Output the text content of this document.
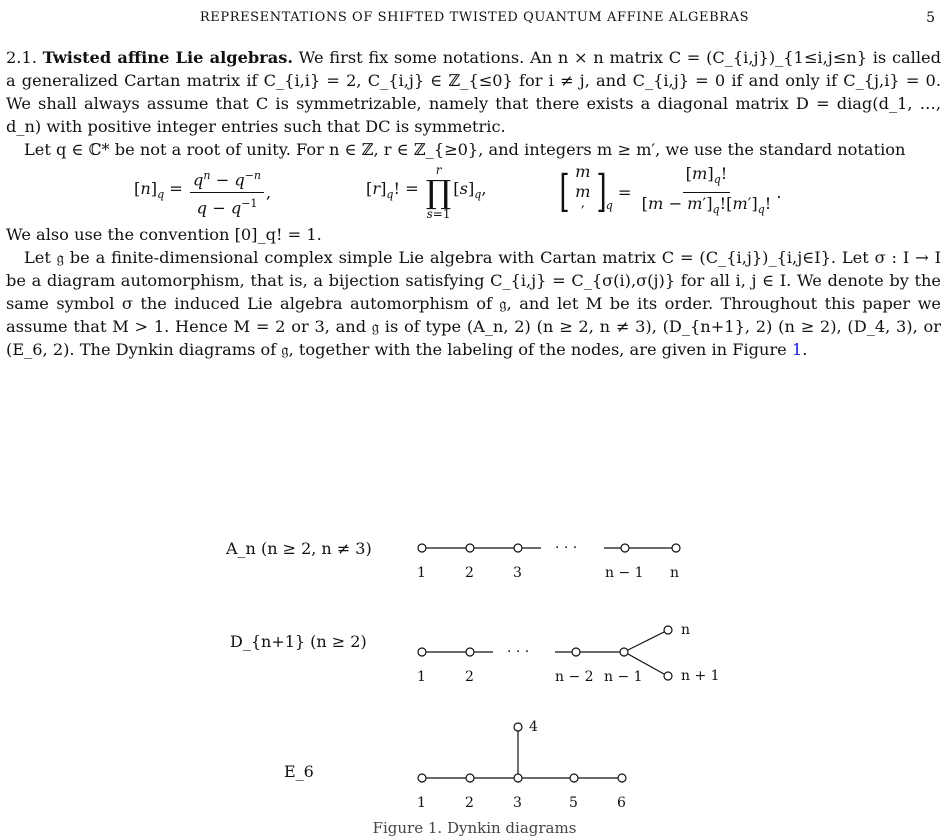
REPRESENTATIONS OF SHIFTED TWISTED QUANTUM AFFINE ALGEBRAS	5

2.1. Twisted affine Lie algebras. We first fix some notations. An n × n matrix C = (C_{i,j})_{1≤i,j≤n} is called a generalized Cartan matrix if C_{i,i} = 2, C_{i,j} ∈ ℤ_{≤0} for i ≠ j, and C_{i,j} = 0 if and only if C_{j,i} = 0. We shall always assume that C is symmetrizable, namely that there exists a diagonal matrix D = diag(d_1, …, d_n) with positive integer entries such that DC is symmetric.

Let q ∈ ℂ* be not a root of unity. For n ∈ ℤ, r ∈ ℤ_{≥0}, and integers m ≥ m′, we use the standard notation

$[n]_q = \frac{q^n - q^{-n}}{q - q^{-1}}$ ,	$[r]_q$! =
r
∏
s=1
$[s]_q$, [ m
m
′ ] q
= $\frac{[m]_q!}{[m - m']_q![m']_q!}$ .

We also use the convention [0]_q! = 1.

Let 𝔤 be a finite-dimensional complex simple Lie algebra with Cartan matrix C = (C_{i,j})_{i,j∈I}. Let σ : I → I be a diagram automorphism, that is, a bijection satisfying C_{i,j} = C_{σ(i),σ(j)} for all i, j ∈ I. We denote by the same symbol σ the induced Lie algebra automorphism of 𝔤, and let M be its order. Throughout this paper we assume that M > 1. Hence M = 2 or 3, and 𝔤 is of type (A_n, 2) (n ≥ 2, n ≠ 3), (D_{n+1}, 2) (n ≥ 2), (D_4, 3), or (E_6, 2). The Dynkin diagrams of 𝔤, together with the labeling of the nodes, are given in Figure 1.

A_n (n ≥ 2, n ≠ 3)	· · ·
1	2	3	n − 1 n
D_{n+1} (n ≥ 2)
· · ·
1	2	n − 2 n − 1
n
n + 1
E_6
1	2	3
4
5	6
Figure 1. Dynkin diagrams
